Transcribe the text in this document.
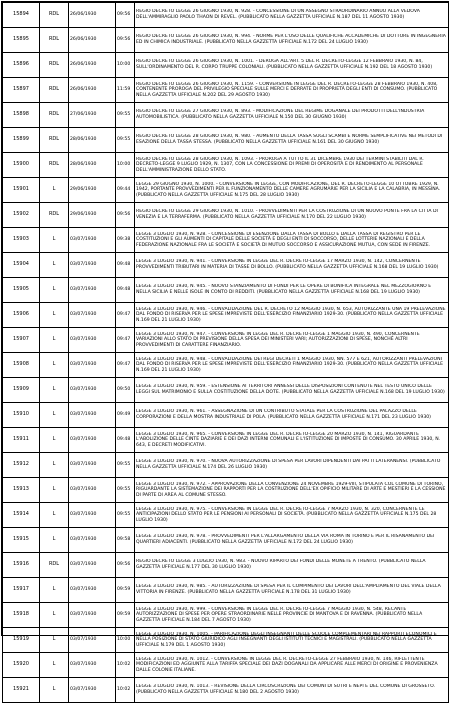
15894	RDL	26/06/1930	09:56	REGIO DECRETO LEGGE 26 GIUGNO 1930, N. 928. - CONCESSIONE DI UN ASSEGNO STRAORDINARIO ANNUO ALLA VEDOVA DELL'AMMIRAGLIO PAOLO THAON DI REVEL. (PUBBLICATO NELLA GAZZETTA UFFICIALE N.187 DEL 11 AGOSTO 1930)

15895	RDL	26/06/1930	09:56	REGIO DECRETO LEGGE 26 GIUGNO 1930, N. 994. - NORME PER L'USO DELLE QUALIFICHE ACCADEMICHE DI DOTTORE IN INGEGNERIA ED IN CHIMICA INDUSTRIALE. (PUBBLICATO NELLA GAZZETTA UFFICIALE N.172 DEL 24 LUGLIO 1930)

15896	RDL	26/06/1930	10:00	REGIO DECRETO LEGGE 26 GIUGNO 1930, N. 1001. - DEROGA ALL'ART. 5 DEL R. DECRETO-LEGGE 12 FEBBRAIO 1930, N. 84, SULL'ORDINAMENTO DEL R. CORPO TRUPPE COLONIALI. (PUBBLICATO NELLA GAZZETTA UFFICIALE N.192 DEL 18 AGOSTO 1930)

15897	RDL	26/06/1930	11:59	REGIO DECRETO LEGGE 26 GIUGNO 1930, N. 1159. - CONVERSIONE IN LEGGE DEL R. DECRETO-LEGGE 28 FEBBRAIO 1930, N. 408, CONTENENTE PROROGA DEL PRIVILEGIO SPECIALE SULLE MERCI E DERRATE DI PROPRIETÀ DEGLI ENTI DI CONSUMO. (PUBBLICATO NELLA GAZZETTA UFFICIALE N.202 DEL 29 AGOSTO 1930)

15898	RDL	27/06/1930	09:55	REGIO DECRETO LEGGE 27 GIUGNO 1930, N. 893. - MODIFICAZIONE DEL REGIME DOGANALE DEI PRODOTTI DELL'INDUSTRIA AUTOMOBILISTICA. (PUBBLICATO NELLA GAZZETTA UFFICIALE N.150 DEL 30 GIUGNO 1930)

15899	RDL	28/06/1930	09:55	REGIO DECRETO LEGGE 28 GIUGNO 1930, N. 980. - AUMENTO DELLA TASSA SUGLI SCAMBI E NORME SEMPLIFICATIVE NEI METODI DI ESAZIONE DELLA TASSA STESSA. (PUBBLICATO NELLA GAZZETTA UFFICIALE N.161 DEL 30 GIUGNO 1930)

15900	RDL	28/06/1930	10:00	REGIO DECRETO LEGGE 28 GIUGNO 1930, N. 1093. - PROROGA A TUTTO IL 31 DICEMBRE 1930 DEI TERMINI STABILITI DAL R. DECRETO-LEGGE 9 LUGLIO 1929, N. 1307, CON LA CONCESSIONE DI PREMI DI OPEROSITÀ E DI RENDIMENTO AL PERSONALE DELL'AMMINISTRAZIONE DELLO STATO.

15901	L	29/06/1930	09:44	LEGGE 29 GIUGNO 1930, N. 1000. - CONVERSIONE IN LEGGE, CON MODIFICAZIONE, DEL R. DECRETO-LEGGE 10 OTTOBRE 1929, N. 1942, PORTANTE PROVVEDIMENTI PER IL FUNZIONAMENTO DELLE CAMERE AGRUMARIE PER LA SICILIA E LA CALABRIA, IN MESSINA. (PUBBLICATO NELLA GAZZETTA UFFICIALE N.175 DEL 28 LUGLIO 1930)

15902	RDL	29/06/1930	09:56	REGIO DECRETO LEGGE 29 GIUGNO 1930, N. 1010. - PROVVEDIMENTI PER LA COSTRUZIONE DI UN NUOVO PONTE FRA LA CITTÀ DI VENEZIA E LA TERRAFERMA. (PUBBLICATO NELLA GAZZETTA UFFICIALE N.170 DEL 22 LUGLIO 1930)

15903	L	03/07/1930	09:38	LEGGE 3 LUGLIO 1930, N. 928. - CONCESSIONE DI ESENZIONE DALLA TASSA DI BOLLO E DALLA TASSA DI REGISTRO PER LE COSTITUZIONI E GLI AUMENTI DI CAPITALE DELLE SOCIETÀ E DEGLI ENTI DI SOCCORSO, DELLE LOTTERIE NAZIONALI E DELLA FEDERAZIONE NAZIONALE FRA LE SOCIETÀ E SOCIETÀ DI MUTUO SOCCORSO E ASSICURAZIONE MUTUA, CON SEDE IN FIRENZE.

15904	L	03/07/1930	09:48	LEGGE 3 LUGLIO 1930, N. 941. - CONVERSIONE IN LEGGE DEL R. DECRETO-LEGGE 17 MARZO 1930, N. 142, CONCERNENTE PROVVEDIMENTI TRIBUTARI IN MATERIA DI TASSE DI BOLLO. (PUBBLICATO NELLA GAZZETTA UFFICIALE N.168 DEL 19 LUGLIO 1930)

15905	L	03/07/1930	09:48	LEGGE 3 LUGLIO 1930, N. 945. - NUOVO STANZIAMENTO DI FONDI PER LE OPERE DI BONIFICA INTEGRALE NEL MEZZOGIORNO E NELLA SICILIA E NELLE ISOLE IN CONTO DI REDDITI. (PUBBLICATO NELLA GAZZETTA UFFICIALE N.168 DEL 19 LUGLIO 1930)

15906	L	03/07/1930	09:47	LEGGE 3 LUGLIO 1930, N. 946. - CONVALIDAZIONE DEL R. DECRETO 12 MAGGIO 1930, N. 653, AUTORIZZANTE UNA 19 PRELEVAZIONE DAL FONDO DI RISERVA PER LE SPESE IMPREVISTE DELL'ESERCIZIO FINANZIARIO 1929-30. (PUBBLICATO NELLA GAZZETTA UFFICIALE N.169 DEL 21 LUGLIO 1930)

15907	L	03/07/1930	09:47	LEGGE 3 LUGLIO 1930, N. 947. - CONVERSIONE IN LEGGE DEL R. DECRETO-LEGGE 1 MAGGIO 1930, N. 490, CONCERNENTE VARIAZIONI ALLO STATO DI PREVISIONE DELLA SPESA DEI MINISTERI VARI; AUTORIZZAZIONI DI SPESE, NONCHÉ ALTRI PROVVEDIMENTI DI CARATTERE FINANZIARIO.

15908	L	03/07/1930	09:47	LEGGE 3 LUGLIO 1930, N. 948. - CONVALIDAZIONE DEI REGI DECRETI 1 MAGGIO 1930, NN. 577 E 621, AUTORIZZANTI PRELEVAZIONI DAL FONDO DI RISERVA PER LE SPESE IMPREVISTE DELL'ESERCIZIO FINANZIARIO 1929-30. (PUBBLICATO NELLA GAZZETTA UFFICIALE N.169 DEL 21 LUGLIO 1930)

15909	L	03/07/1930	09:50	LEGGE 3 LUGLIO 1930, N. 959. - ESTENSIONE AI TERRITORI ANNESSI DELLE DISPOSIZIONI CONTENUTE NEL TESTO UNICO DELLE LEGGI SUL MATRIMONIO E SULLA COSTITUZIONE DELLA DOTE. (PUBBLICATO NELLA GAZZETTA UFFICIALE N.168 DEL 19 LUGLIO 1930)

15910	L	03/07/1930	09:49	LEGGE 3 LUGLIO 1930, N. 961. - ASSEGNAZIONE DI UN CONTRIBUTO STATALE PER LA COSTRUZIONE DEL PALAZZO DELLE CORPORAZIONI E DELLA MOSTRA INDUSTRIALE DI POLA. (PUBBLICATO NELLA GAZZETTA UFFICIALE N.171 DEL 23 LUGLIO 1930)

15911	L	03/07/1930	09:48	LEGGE 3 LUGLIO 1930, N. 965. - CONVERSIONE IN LEGGE DEL R. DECRETO-LEGGE 20 MARZO 1930, N. 141, RIGUARDANTE L'ABOLIZIONE DELLE CINTE DAZIARIE E DEI DAZI INTERNI COMUNALI E L'ISTITUZIONE DI IMPOSTE DI CONSUMO. 30 APRILE 1930, N. 643, E DECRETI MODIFICATIVI.

15912	L	03/07/1930	09:55	LEGGE 3 LUGLIO 1930, N. 970. - NUOVA AUTORIZZAZIONE DI SPESA PER LAVORI DIPENDENTI DAI PATTI LATERANENSI. (PUBBLICATO NELLA GAZZETTA UFFICIALE N.174 DEL 26 LUGLIO 1930)

15913	L	03/07/1930	09:55	LEGGE 3 LUGLIO 1930, N. 972. - APPROVAZIONE DELLA CONVENZIONE 24 NOVEMBRE 1929-VIII, STIPULATA COL COMUNE DI TORINO, RIGUARDANTE LA SISTEMAZIONE DEI RAPPORTI PER LA COSTRUZIONE DELL'EX OPIFICIO MILITARE DI ARTE E MESTIERI E LA CESSIONE DI PARTE DI AREA AL COMUNE STESSO.

15914	L	03/07/1930	09:55	LEGGE 3 LUGLIO 1930, N. 975. - CONVERSIONE IN LEGGE DEL R. DECRETO-LEGGE 7 MARZO 1930, N. 320, CONCERNENTE LE ANTICIPAZIONI DELLO STATO PER LE PENSIONI AI PERSONALI DI SOCIETÀ. (PUBBLICATO NELLA GAZZETTA UFFICIALE N.175 DEL 28 LUGLIO 1930)

15915	L	03/07/1930	09:58	LEGGE 3 LUGLIO 1930, N. 978. - PROVVEDIMENTI PER L'ALLARGAMENTO DELLA VIA ROMA IN TORINO E PER IL RISANAMENTO DEI QUARTIERI ADIACENTI. (PUBBLICATO NELLA GAZZETTA UFFICIALE N.172 DEL 24 LUGLIO 1930)

15916	RDL	03/07/1930	09:56	REGIO DECRETO LEGGE 3 LUGLIO 1930, N. 983. - NUOVO RIPARTO DEI FONDI DELLE MONETE A TRENTO. (PUBBLICATO NELLA GAZZETTA UFFICIALE N.177 DEL 30 LUGLIO 1930)

15917	L	03/07/1930	09:59	LEGGE 3 LUGLIO 1930, N. 985. - AUTORIZZAZIONE DI SPESA PER IL COMPIMENTO DEI LAVORI DELL'AMPLIAMENTO DEL VIALE DELLA VITTORIA IN FIRENZE. (PUBBLICATO NELLA GAZZETTA UFFICIALE N.178 DEL 31 LUGLIO 1930)

15918	L	03/07/1930	09:59	LEGGE 3 LUGLIO 1930, N. 999. - CONVERSIONE IN LEGGE DEL R. DECRETO-LEGGE 7 MAGGIO 1930, N. 548, RECANTE AUTORIZZAZIONE DI SPESE PER OPERE STRAORDINARIE NELLE PROVINCIE DI MANTOVA E DI RAVENNA. (PUBBLICATO NELLA GAZZETTA UFFICIALE N.184 DEL 7 AGOSTO 1930)

15919	L	03/07/1930	10:00	LEGGE 3 LUGLIO 1930, N. 1005. - PARIFICAZIONE DEGLI INSEGNANTI DELLE SCUOLE COMPLEMENTARI NEI RAPPORTI ECONOMICI E NELLA POSIZIONE DI STATO GIURIDICO AGLI INSEGNANTI DEGLI ISTITUTI TECNICI E MAGISTRALI. (PUBBLICATO NELLA GAZZETTA UFFICIALE N.179 DEL 1 AGOSTO 1930)

15920	L	03/07/1930	10:02	LEGGE 3 LUGLIO 1930, N. 1012. - CONVERSIONE IN LEGGE DEL R. DECRETO-LEGGE 27 FEBBRAIO 1930, N. 146, RIFLETTENTE MODIFICAZIONI ED AGGIUNTE ALLA TARIFFA SPECIALE DEI DAZI DOGANALI DA APPLICARE ALLE MERCI DI ORIGINE E PROVENIENZA DALLE COLONIE ITALIANE.

15921	L	03/07/1930	10:02	LEGGE 3 LUGLIO 1930, N. 1013. - REVISIONE DELLA CIRCOSCRIZIONE DEI COMUNI DI SUTRI E NEPI E DEL COMUNE DI GROSSETO. (PUBBLICATO NELLA GAZZETTA UFFICIALE N.180 DEL 2 AGOSTO 1930)
